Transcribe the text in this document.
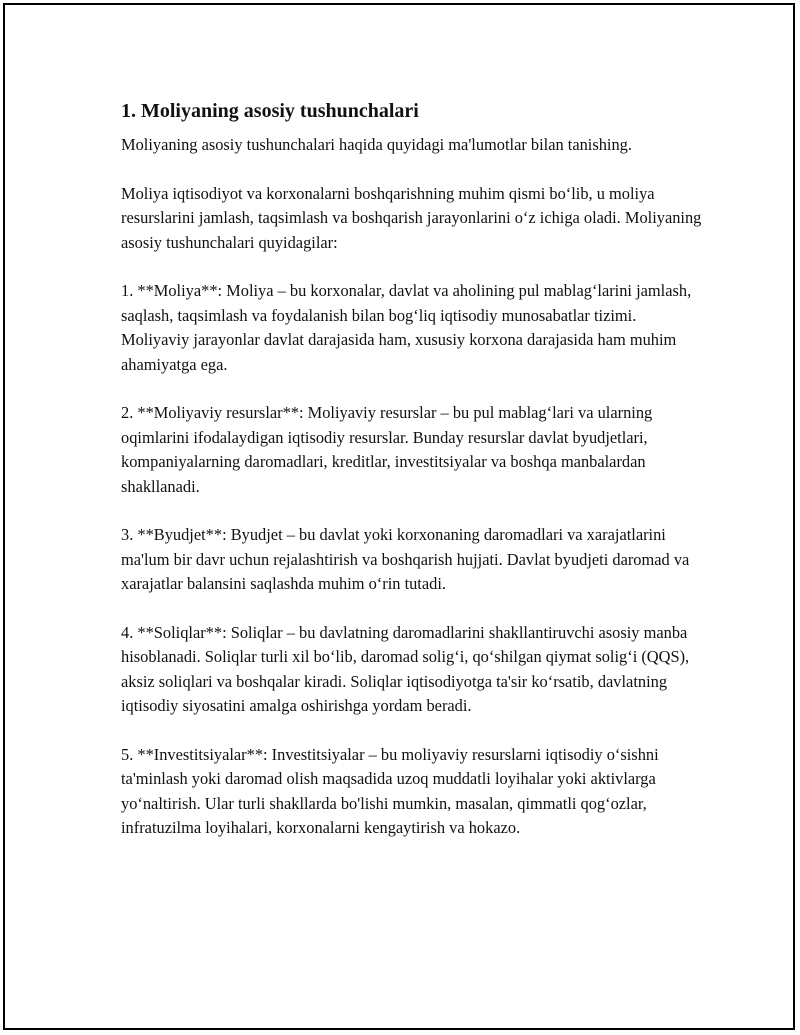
1. Moliyaning asosiy tushunchalari

Moliyaning asosiy tushunchalari haqida quyidagi ma'lumotlar bilan tanishing.

Moliya iqtisodiyot va korxonalarni boshqarishning muhim qismi bo‘lib, u moliya resurslarini jamlash, taqsimlash va boshqarish jarayonlarini o‘z ichiga oladi. Moliyaning asosiy tushunchalari quyidagilar:

1. **Moliya**: Moliya – bu korxonalar, davlat va aholining pul mablag‘larini jamlash, saqlash, taqsimlash va foydalanish bilan bog‘liq iqtisodiy munosabatlar tizimi. Moliyaviy jarayonlar davlat darajasida ham, xususiy korxona darajasida ham muhim ahamiyatga ega.

2. **Moliyaviy resurslar**: Moliyaviy resurslar – bu pul mablag‘lari va ularning oqimlarini ifodalaydigan iqtisodiy resurslar. Bunday resurslar davlat byudjetlari, kompaniyalarning daromadlari, kreditlar, investitsiyalar va boshqa manbalardan shakllanadi.

3. **Byudjet**: Byudjet – bu davlat yoki korxonaning daromadlari va xarajatlarini ma'lum bir davr uchun rejalashtirish va boshqarish hujjati. Davlat byudjeti daromad va xarajatlar balansini saqlashda muhim o‘rin tutadi.

4. **Soliqlar**: Soliqlar – bu davlatning daromadlarini shakllantiruvchi asosiy manba hisoblanadi. Soliqlar turli xil bo‘lib, daromad solig‘i, qo‘shilgan qiymat solig‘i (QQS), aksiz soliqlari va boshqalar kiradi. Soliqlar iqtisodiyotga ta'sir ko‘rsatib, davlatning iqtisodiy siyosatini amalga oshirishga yordam beradi.

5. **Investitsiyalar**: Investitsiyalar – bu moliyaviy resurslarni iqtisodiy o‘sishni ta'minlash yoki daromad olish maqsadida uzoq muddatli loyihalar yoki aktivlarga yo‘naltirish. Ular turli shakllarda bo'lishi mumkin, masalan, qimmatli qog‘ozlar, infratuzilma loyihalari, korxonalarni kengaytirish va hokazo.
